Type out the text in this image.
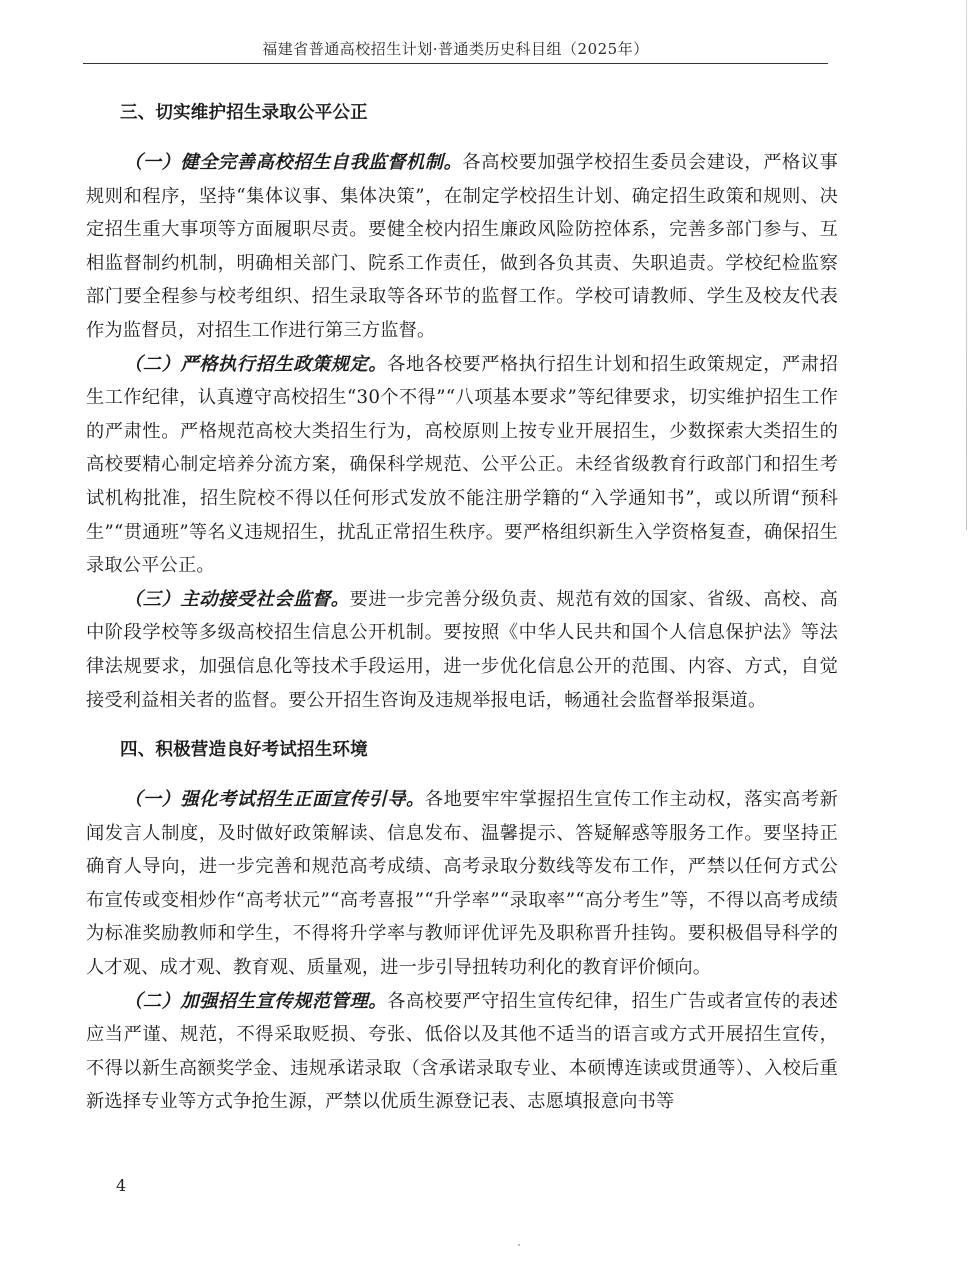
福建省普通高校招生计划·普通类历史科目组（2025年）
三、切实维护招生录取公平公正

（一）健全完善高校招生自我监督机制。各高校要加强学校招生委员会建设，严格议事规则和程序，坚持“集体议事、集体决策”，在制定学校招生计划、确定招生政策和规则、决定招生重大事项等方面履职尽责。要健全校内招生廉政风险防控体系，完善多部门参与、互相监督制约机制，明确相关部门、院系工作责任，做到各负其责、失职追责。学校纪检监察部门要全程参与校考组织、招生录取等各环节的监督工作。学校可请教师、学生及校友代表作为监督员，对招生工作进行第三方监督。

（二）严格执行招生政策规定。各地各校要严格执行招生计划和招生政策规定，严肃招生工作纪律，认真遵守高校招生“30个不得”“八项基本要求”等纪律要求，切实维护招生工作的严肃性。严格规范高校大类招生行为，高校原则上按专业开展招生，少数探索大类招生的高校要精心制定培养分流方案，确保科学规范、公平公正。未经省级教育行政部门和招生考试机构批准，招生院校不得以任何形式发放不能注册学籍的“入学通知书”，或以所谓“预科生”“贯通班”等名义违规招生，扰乱正常招生秩序。要严格组织新生入学资格复查，确保招生录取公平公正。

（三）主动接受社会监督。要进一步完善分级负责、规范有效的国家、省级、高校、高中阶段学校等多级高校招生信息公开机制。要按照《中华人民共和国个人信息保护法》等法律法规要求，加强信息化等技术手段运用，进一步优化信息公开的范围、内容、方式，自觉接受利益相关者的监督。要公开招生咨询及违规举报电话，畅通社会监督举报渠道。

四、积极营造良好考试招生环境

（一）强化考试招生正面宣传引导。各地要牢牢掌握招生宣传工作主动权，落实高考新闻发言人制度，及时做好政策解读、信息发布、温馨提示、答疑解惑等服务工作。要坚持正确育人导向，进一步完善和规范高考成绩、高考录取分数线等发布工作，严禁以任何方式公布宣传或变相炒作“高考状元”“高考喜报”“升学率”“录取率”“高分考生”等，不得以高考成绩为标准奖励教师和学生，不得将升学率与教师评优评先及职称晋升挂钩。要积极倡导科学的人才观、成才观、教育观、质量观，进一步引导扭转功利化的教育评价倾向。

（二）加强招生宣传规范管理。各高校要严守招生宣传纪律，招生广告或者宣传的表述应当严谨、规范，不得采取贬损、夸张、低俗以及其他不适当的语言或方式开展招生宣传，不得以新生高额奖学金、违规承诺录取（含承诺录取专业、本硕博连读或贯通等）、入校后重新选择专业等方式争抢生源，严禁以优质生源登记表、志愿填报意向书等

4
